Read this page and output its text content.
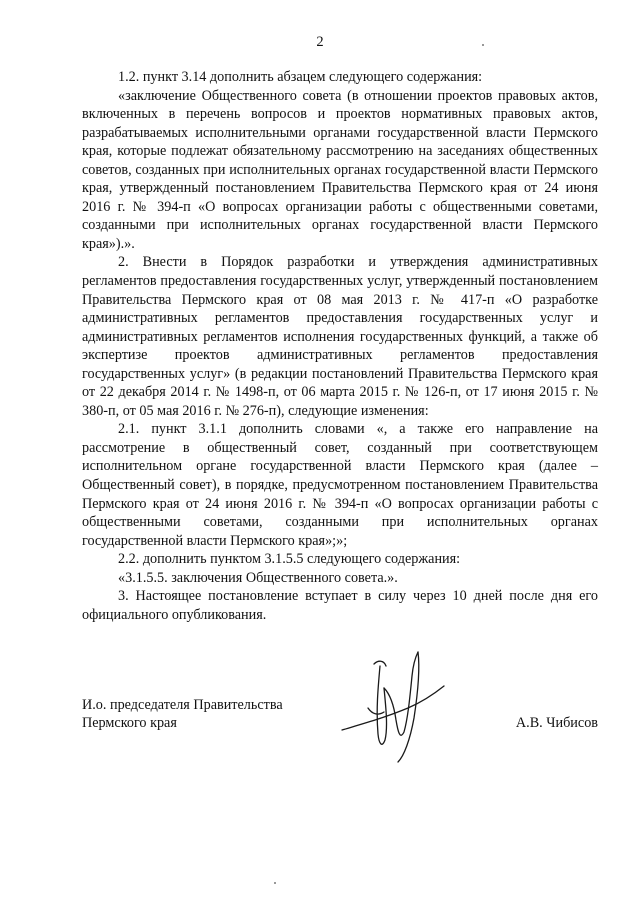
2

1.2. пункт 3.14 дополнить абзацем следующего содержания:

«заключение Общественного совета (в отношении проектов правовых актов, включенных в перечень вопросов и проектов нормативных правовых актов, разрабатываемых исполнительными органами государственной власти Пермского края, которые подлежат обязательному рассмотрению на заседаниях общественных советов, созданных при исполнительных органах государственной власти Пермского края, утвержденный постановлением Правительства Пермского края от 24 июня 2016 г. № 394-п «О вопросах организации работы с общественными советами, созданными при исполнительных органах государственной власти Пермского края»).».

2. Внести в Порядок разработки и утверждения административных регламентов предоставления государственных услуг, утвержденный постановлением Правительства Пермского края от 08 мая 2013 г. № 417-п «О разработке административных регламентов предоставления государственных услуг и административных регламентов исполнения государственных функций, а также об экспертизе проектов административных регламентов предоставления государственных услуг» (в редакции постановлений Правительства Пермского края от 22 декабря 2014 г. № 1498-п, от 06 марта 2015 г. № 126-п, от 17 июня 2015 г. № 380-п, от 05 мая 2016 г. № 276-п), следующие изменения:

2.1. пункт 3.1.1 дополнить словами «, а также его направление на рассмотрение в общественный совет, созданный при соответствующем исполнительном органе государственной власти Пермского края (далее – Общественный совет), в порядке, предусмотренном постановлением Правительства Пермского края от 24 июня 2016 г. № 394-п «О вопросах организации работы с общественными советами, созданными при исполнительных органах государственной власти Пермского края»;»;

2.2. дополнить пунктом 3.1.5.5 следующего содержания:

«3.1.5.5. заключения Общественного совета.».

3. Настоящее постановление вступает в силу через 10 дней после дня его официального опубликования.

И.о. председателя Правительства
Пермского края	А.В. Чибисов
